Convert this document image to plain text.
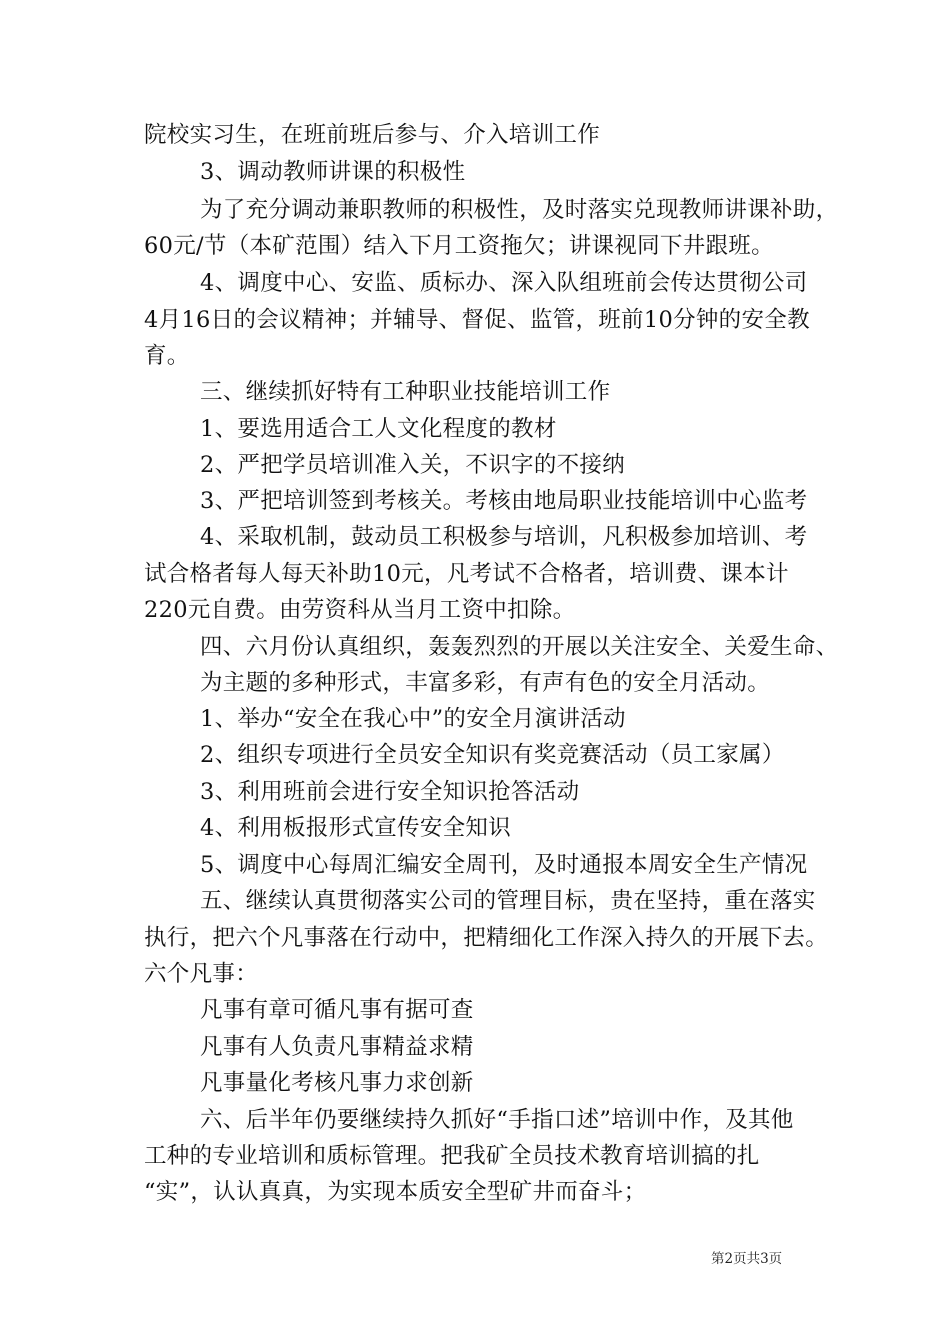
院校实习生，在班前班后参与、介入培训工作
3、调动教师讲课的积极性
为了充分调动兼职教师的积极性，及时落实兑现教师讲课补助，
60元/节（本矿范围）结入下月工资拖欠；讲课视同下井跟班。
4、调度中心、安监、质标办、深入队组班前会传达贯彻公司
4月16日的会议精神；并辅导、督促、监管，班前10分钟的安全教
育。
三、继续抓好特有工种职业技能培训工作
1、要选用适合工人文化程度的教材
2、严把学员培训准入关，不识字的不接纳
3、严把培训签到考核关。考核由地局职业技能培训中心监考
4、采取机制，鼓动员工积极参与培训，凡积极参加培训、考
试合格者每人每天补助10元，凡考试不合格者，培训费、课本计
220元自费。由劳资科从当月工资中扣除。
四、六月份认真组织，轰轰烈烈的开展以关注安全、关爱生命、
为主题的多种形式，丰富多彩，有声有色的安全月活动。
1、举办“安全在我心中”的安全月演讲活动
2、组织专项进行全员安全知识有奖竞赛活动（员工家属）
3、利用班前会进行安全知识抢答活动
4、利用板报形式宣传安全知识
5、调度中心每周汇编安全周刊，及时通报本周安全生产情况
五、继续认真贯彻落实公司的管理目标，贵在坚持，重在落实
执行，把六个凡事落在行动中，把精细化工作深入持久的开展下去。
六个凡事：
凡事有章可循凡事有据可查
凡事有人负责凡事精益求精
凡事量化考核凡事力求创新
六、后半年仍要继续持久抓好“手指口述”培训中作，及其他
工种的专业培训和质标管理。把我矿全员技术教育培训搞的扎
“实”，认认真真，为实现本质安全型矿井而奋斗；
第2页共3页
